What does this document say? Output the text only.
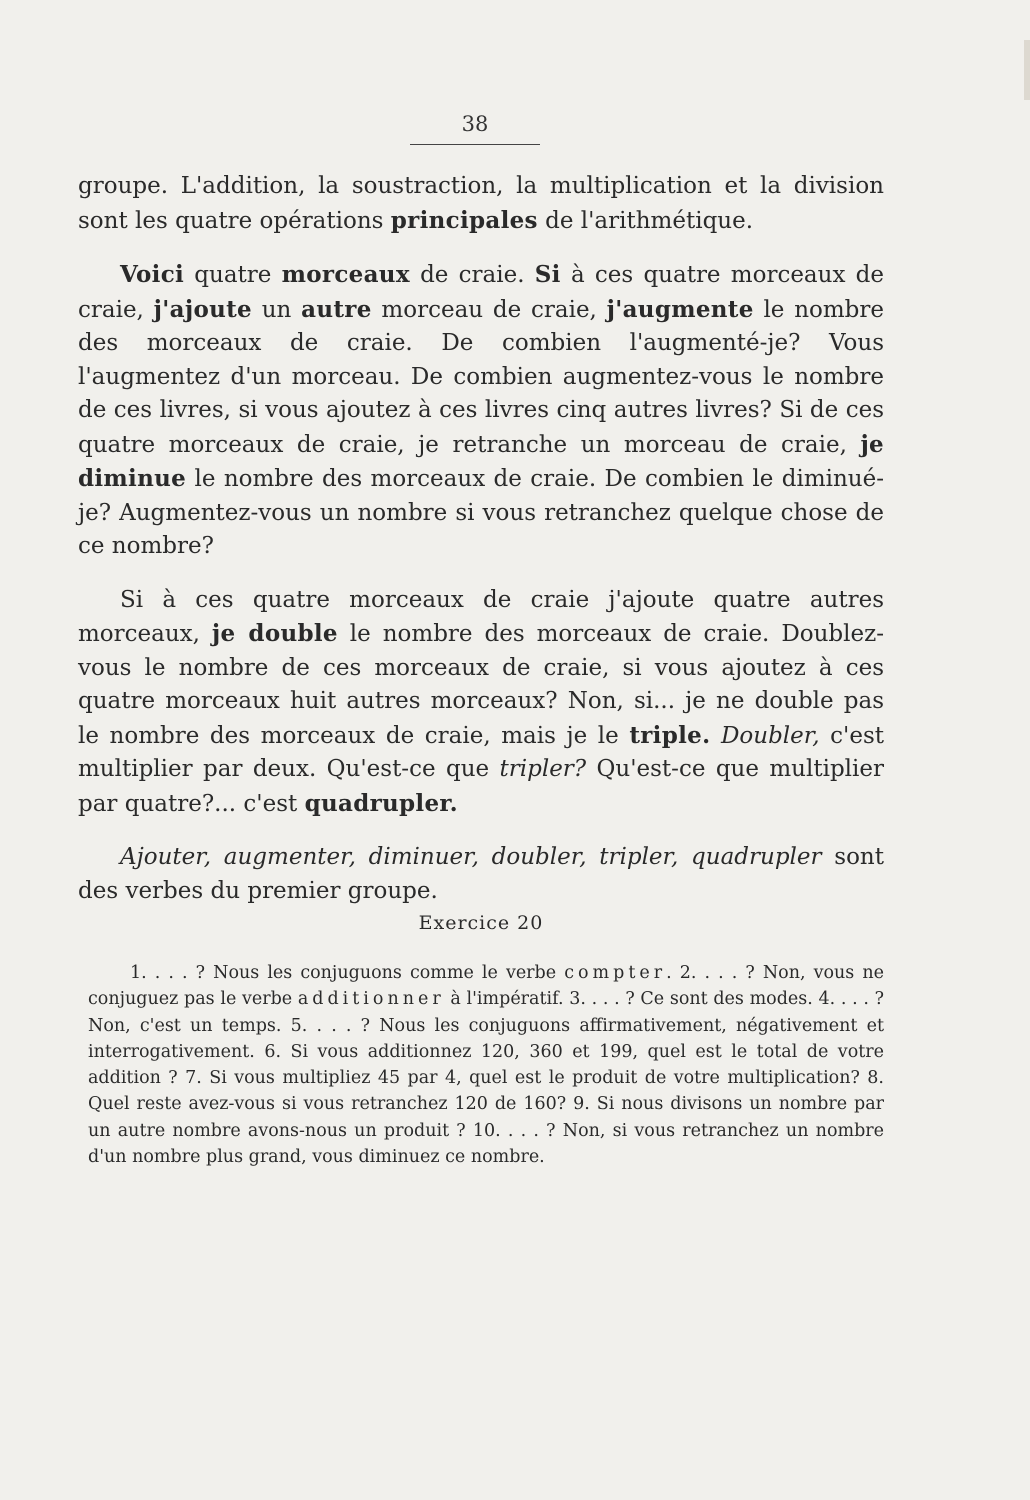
38

groupe. L'addition, la soustraction, la multiplication et la division sont les quatre opérations principales de l'arithmétique.

Voici quatre morceaux de craie. Si à ces quatre morceaux de craie, j'ajoute un autre morceau de craie, j'augmente le nombre des morceaux de craie. De combien l'augmenté-je? Vous l'augmentez d'un morceau. De combien augmentez-vous le nombre de ces livres, si vous ajoutez à ces livres cinq autres livres? Si de ces quatre morceaux de craie, je retranche un morceau de craie, je diminue le nombre des morceaux de craie. De combien le diminué-je? Augmentez-vous un nombre si vous retranchez quelque chose de ce nombre?

Si à ces quatre morceaux de craie j'ajoute quatre autres morceaux, je double le nombre des morceaux de craie. Doublez-vous le nombre de ces morceaux de craie, si vous ajoutez à ces quatre morceaux huit autres morceaux? Non, si... je ne double pas le nombre des morceaux de craie, mais je le triple. Doubler, c'est multiplier par deux. Qu'est-ce que tripler? Qu'est-ce que multiplier par quatre?... c'est quadrupler.

Ajouter, augmenter, diminuer, doubler, tripler, quadrupler sont des verbes du premier groupe.

Exercice 20

1. . . . ? Nous les conjuguons comme le verbe compter. 2. . . . ? Non, vous ne conjuguez pas le verbe additionner à l'impératif. 3. . . . ? Ce sont des modes. 4. . . . ? Non, c'est un temps. 5. . . . ? Nous les conjuguons affirmativement, négativement et interrogativement. 6. Si vous additionnez 120, 360 et 199, quel est le total de votre addition ? 7. Si vous multipliez 45 par 4, quel est le produit de votre multiplication? 8. Quel reste avez-vous si vous retranchez 120 de 160? 9. Si nous divisons un nombre par un autre nombre avons-nous un produit ? 10. . . . ? Non, si vous retranchez un nombre d'un nombre plus grand, vous diminuez ce nombre.
